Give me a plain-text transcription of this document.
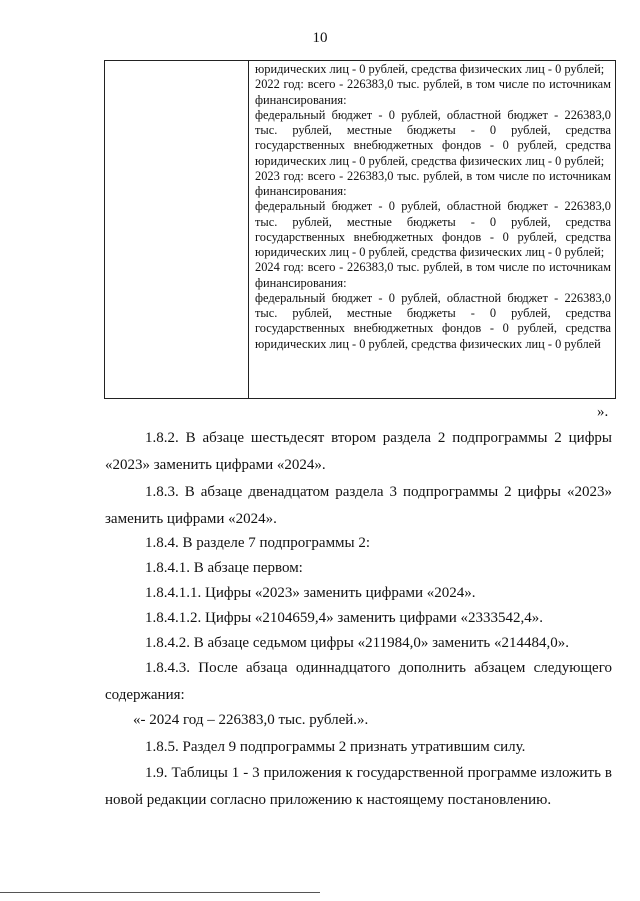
10
юридических лиц - 0 рублей, средства физических лиц - 0 рублей;
2022 год: всего - 226383,0 тыс. рублей, в том числе по источникам финансирования:
федеральный бюджет - 0 рублей, областной бюджет - 226383,0 тыс. рублей, местные бюджеты - 0 рублей, средства государственных внебюджетных фондов - 0 рублей, средства юридических лиц - 0 рублей, средства физических лиц - 0 рублей;
2023 год: всего - 226383,0 тыс. рублей, в том числе по источникам финансирования:
федеральный бюджет - 0 рублей, областной бюджет - 226383,0 тыс. рублей, местные бюджеты - 0 рублей, средства государственных внебюджетных фондов - 0 рублей, средства юридических лиц - 0 рублей, средства физических лиц - 0 рублей;
2024 год: всего - 226383,0 тыс. рублей, в том числе по источникам финансирования:
федеральный бюджет - 0 рублей, областной бюджет - 226383,0 тыс. рублей, местные бюджеты - 0 рублей, средства государственных внебюджетных фондов - 0 рублей, средства юридических лиц - 0 рублей, средства физических лиц - 0 рублей
».
1.8.2. В абзаце шестьдесят втором раздела 2 подпрограммы 2 цифры «2023» заменить цифрами «2024».
1.8.3. В абзаце двенадцатом раздела 3 подпрограммы 2 цифры «2023» заменить цифрами «2024».
1.8.4. В разделе 7 подпрограммы 2:
1.8.4.1. В абзаце первом:
1.8.4.1.1. Цифры «2023» заменить цифрами «2024».
1.8.4.1.2. Цифры «2104659,4» заменить цифрами «2333542,4».
1.8.4.2. В абзаце седьмом цифры «211984,0» заменить «214484,0».
1.8.4.3. После абзаца одиннадцатого дополнить абзацем следующего содержания:
«- 2024 год – 226383,0 тыс. рублей.».
1.8.5. Раздел 9 подпрограммы 2 признать утратившим силу.
1.9. Таблицы 1 - 3 приложения к государственной программе изложить в новой редакции согласно приложению к настоящему постановлению.
